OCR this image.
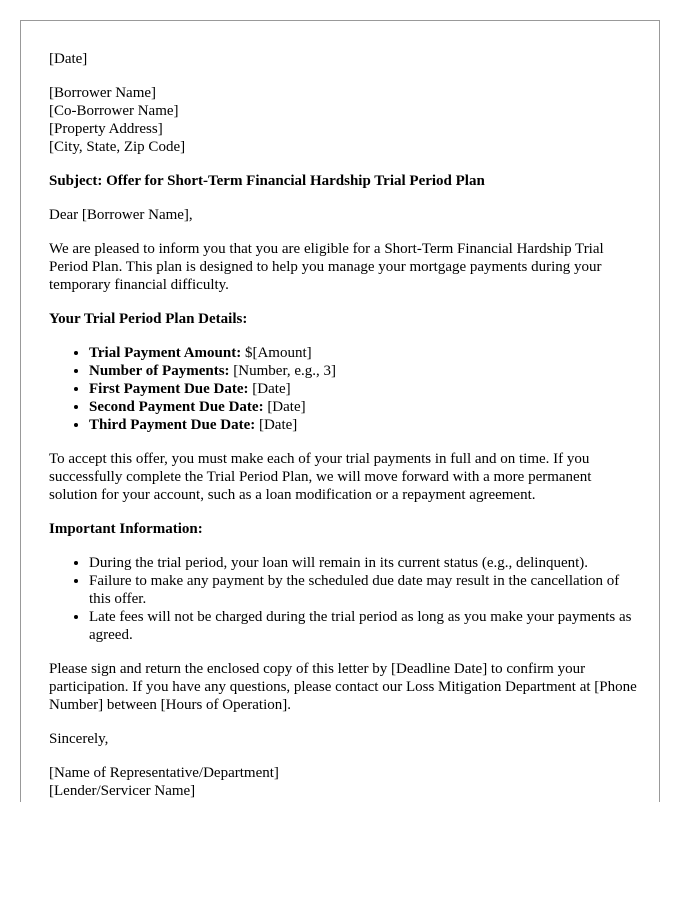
[Date]

[Borrower Name]
[Co-Borrower Name]
[Property Address]
[City, State, Zip Code]

Subject: Offer for Short-Term Financial Hardship Trial Period Plan

Dear [Borrower Name],

We are pleased to inform you that you are eligible for a Short-Term Financial Hardship Trial Period Plan. This plan is designed to help you manage your mortgage payments during your temporary financial difficulty.

Your Trial Period Plan Details:

• Trial Payment Amount: $[Amount]
• Number of Payments: [Number, e.g., 3]
• First Payment Due Date: [Date]
• Second Payment Due Date: [Date]
• Third Payment Due Date: [Date]

To accept this offer, you must make each of your trial payments in full and on time. If you successfully complete the Trial Period Plan, we will move forward with a more permanent solution for your account, such as a loan modification or a repayment agreement.

Important Information:

• During the trial period, your loan will remain in its current status (e.g., delinquent).
• Failure to make any payment by the scheduled due date may result in the cancellation of this offer.
• Late fees will not be charged during the trial period as long as you make your payments as agreed.

Please sign and return the enclosed copy of this letter by [Deadline Date] to confirm your participation. If you have any questions, please contact our Loss Mitigation Department at [Phone Number] between [Hours of Operation].

Sincerely,

[Name of Representative/Department]
[Lender/Servicer Name]
